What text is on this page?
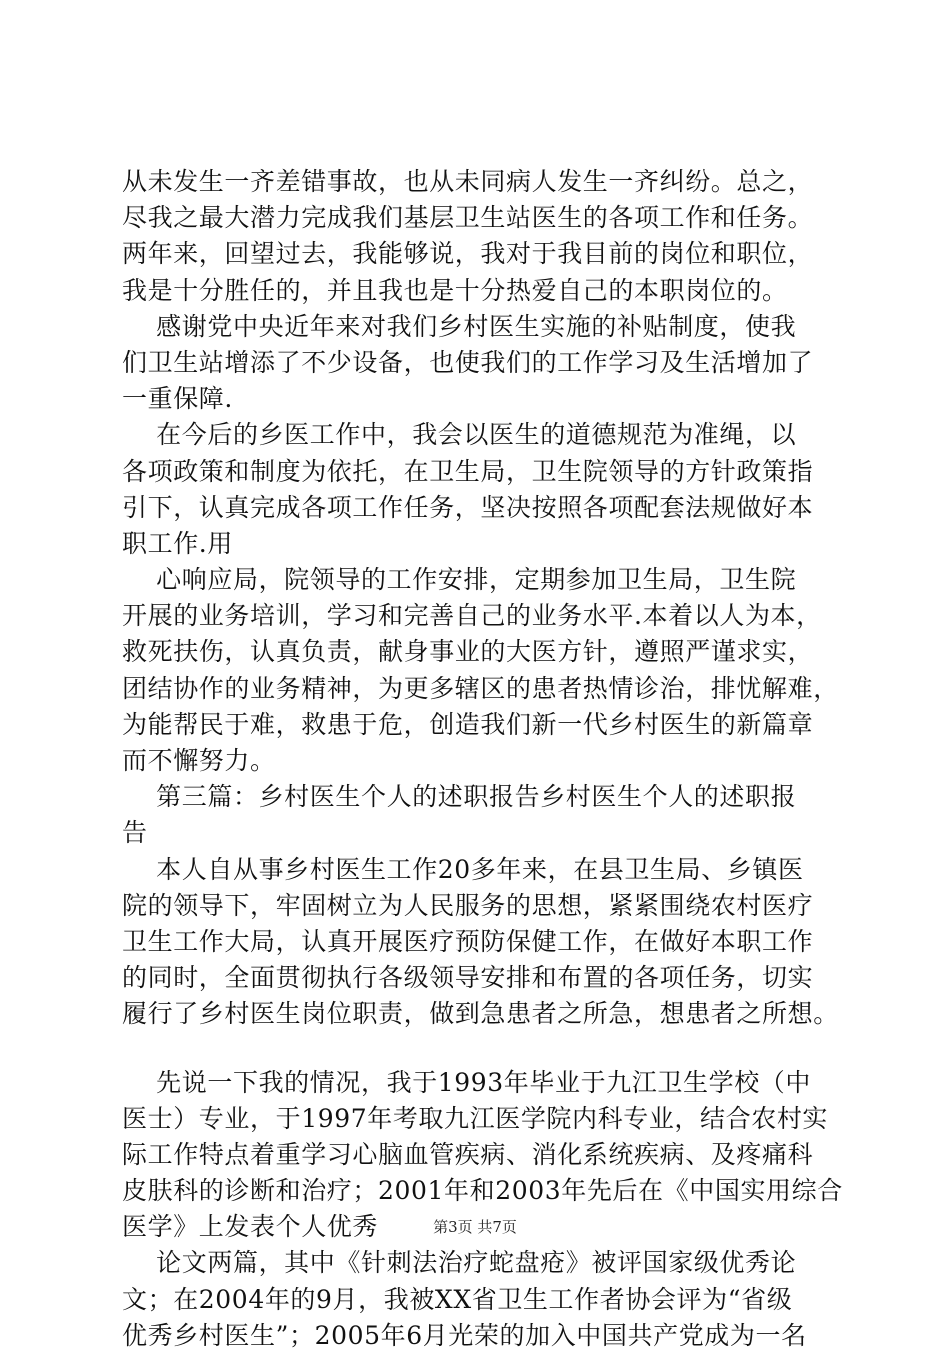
从未发生一齐差错事故，也从未同病人发生一齐纠纷。总之，
尽我之最大潜力完成我们基层卫生站医生的各项工作和任务。
两年来，回望过去，我能够说，我对于我目前的岗位和职位，
我是十分胜任的，并且我也是十分热爱自己的本职岗位的。
感谢党中央近年来对我们乡村医生实施的补贴制度，使我
们卫生站增添了不少设备，也使我们的工作学习及生活增加了
一重保障.
在今后的乡医工作中，我会以医生的道德规范为准绳，以
各项政策和制度为依托，在卫生局，卫生院领导的方针政策指
引下，认真完成各项工作任务，坚决按照各项配套法规做好本
职工作.用
心响应局，院领导的工作安排，定期参加卫生局，卫生院
开展的业务培训，学习和完善自己的业务水平.本着以人为本，
救死扶伤，认真负责，献身事业的大医方针，遵照严谨求实，
团结协作的业务精神，为更多辖区的患者热情诊治，排忧解难，
为能帮民于难，救患于危，创造我们新一代乡村医生的新篇章
而不懈努力。
第三篇：乡村医生个人的述职报告乡村医生个人的述职报
告
本人自从事乡村医生工作20多年来，在县卫生局、乡镇医
院的领导下，牢固树立为人民服务的思想，紧紧围绕农村医疗
卫生工作大局，认真开展医疗预防保健工作，在做好本职工作
的同时，全面贯彻执行各级领导安排和布置的各项任务，切实
履行了乡村医生岗位职责，做到急患者之所急，想患者之所想。
先说一下我的情况，我于1993年毕业于九江卫生学校（中
医士）专业，于1997年考取九江医学院内科专业，结合农村实
际工作特点着重学习心脑血管疾病、消化系统疾病、及疼痛科
皮肤科的诊断和治疗；2001年和2003年先后在《中国实用综合
医学》上发表个人优秀
论文两篇，其中《针刺法治疗蛇盘疮》被评国家级优秀论
文；在2004年的9月，我被XX省卫生工作者协会评为“省级
优秀乡村医生”；2005年6月光荣的加入中国共产党成为一名
第3页 共7页
